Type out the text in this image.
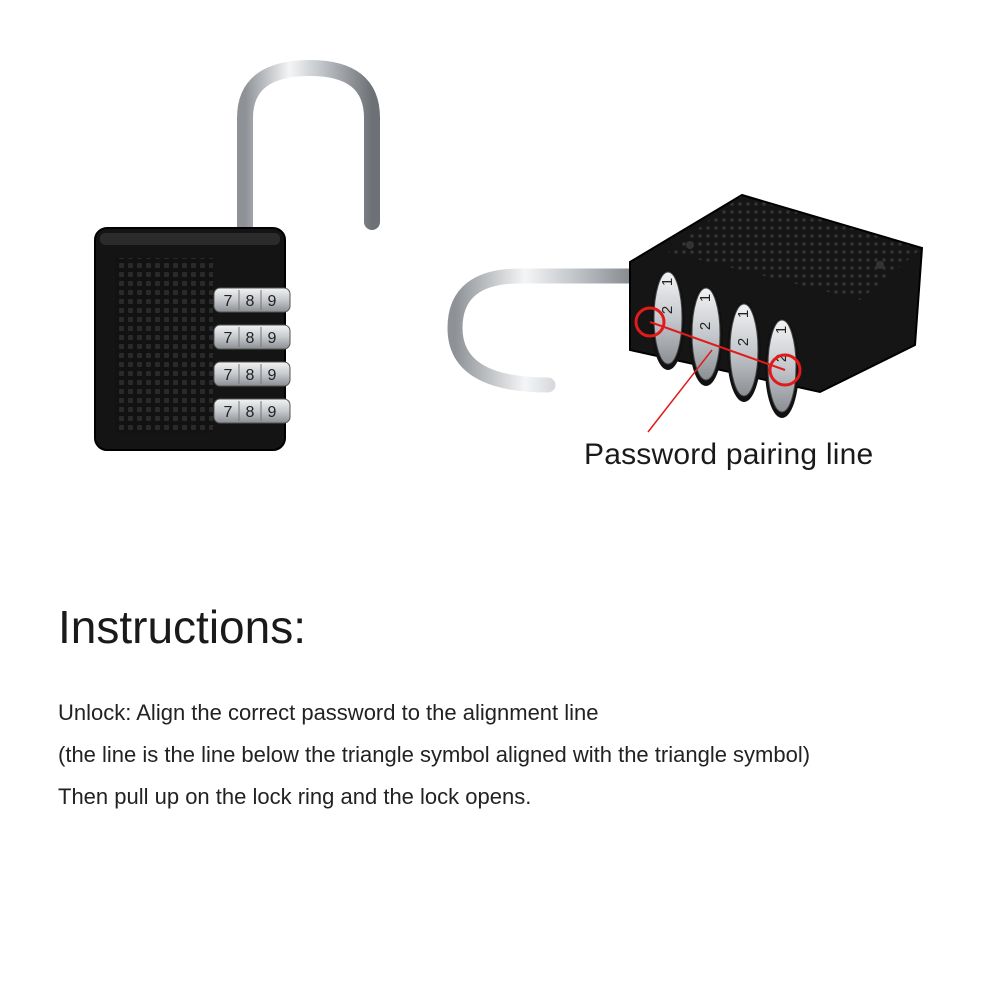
7 8 9
7 8 9
7 8 9
7 8 9
1
2
1
2
1
2
1
2
Password pairing line
Instructions:

Unlock: Align the correct password to the alignment line

(the line is the line below the triangle symbol aligned with the triangle symbol)

Then pull up on the lock ring and the lock opens.
